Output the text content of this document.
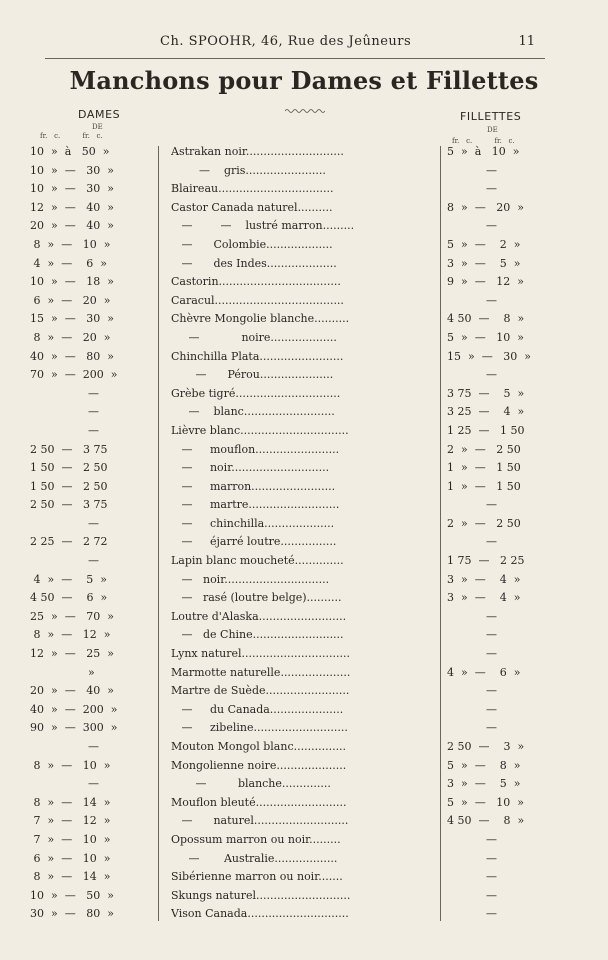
Ch. SPOOHR, 46, Rue des Jeûneurs	11
Manchons pour Dames et Fillettes
DAMES
DE
fr.   c.          fr.   c.
FILLETTES
DE
fr.   c.          fr.   c.
10  »  à   50  »	Astrakan noir............................	5  »  à   10  »
10  »  —   30  »	—    gris.......................	—
10  »  —   30  »	Blaireau.................................	—
12  »  —   40  »	Castor Canada naturel..........	8  »  —   20  »
20  »  —   40  »	—        —    lustré marron.........	—
8  »  —   10  »	—      Colombie...................	5  »  —    2  »
4  »  —    6  »	—      des Indes....................	3  »  —    5  »
10  »  —   18  »	Castorin...................................	9  »  —   12  »
6  »  —   20  »	Caracul.....................................	—
15  »  —   30  »	Chèvre Mongolie blanche..........	4 50  —    8  »
8  »  —   20  »	—            noire...................	5  »  —   10  »
40  »  —   80  »	Chinchilla Plata........................	15  »  —   30  »
70  »  —  200  »	—      Pérou.....................	—
—	Grèbe tigré..............................	3 75  —    5  »
—	—    blanc..........................	3 25  —    4  »
—	Lièvre blanc...............................	1 25  —   1 50
2 50  —   3 75	—     mouflon........................	2  »  —   2 50
1 50  —   2 50	—     noir............................	1  »  —   1 50
1 50  —   2 50	—     marron........................	1  »  —   1 50
2 50  —   3 75	—     martre..........................	—
—	—     chinchilla....................	2  »  —   2 50
2 25  —   2 72	—     éjarré loutre................	—
—	Lapin blanc moucheté..............	1 75  —   2 25
4  »  —    5  »	—   noir..............................	3  »  —    4  »
4 50  —    6  »	—   rasé (loutre belge)..........	3  »  —    4  »
25  »  —   70  »	Loutre d'Alaska.........................	—
8  »  —   12  »	—   de Chine..........................	—
12  »  —   25  »	Lynx naturel...............................	—
»	Marmotte naturelle....................	4  »  —    6  »
20  »  —   40  »	Martre de Suède........................	—
40  »  —  200  »	—     du Canada.....................	—
90  »  —  300  »	—     zibeline...........................	—
—	Mouton Mongol blanc...............	2 50  —    3  »
8  »  —   10  »	Mongolienne noire....................	5  »  —    8  »
—	—         blanche..............	3  »  —    5  »
8  »  —   14  »	Mouflon bleuté..........................	5  »  —   10  »
7  »  —   12  »	—      naturel...........................	4 50  —    8  »
7  »  —   10  »	Opossum marron ou noir.........	—
6  »  —   10  »	—       Australie..................	—
8  »  —   14  »	Sibérienne marron ou noir.......	—
10  »  —   50  »	Skungs naturel...........................	—
30  »  —   80  »	Vison Canada.............................	—
